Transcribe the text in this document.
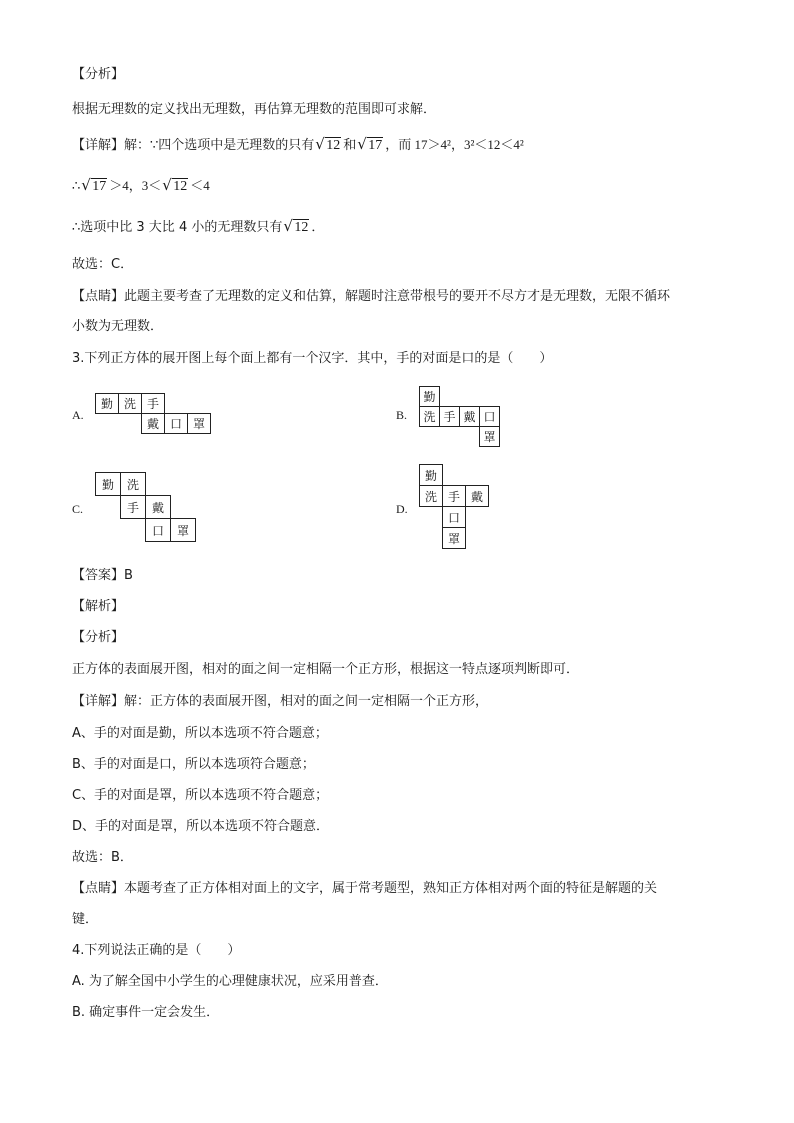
【分析】
根据无理数的定义找出无理数，再估算无理数的范围即可求解．
【详解】解：∵四个选项中是无理数的只有 √ 12 和 √ 17 ，而 17＞4²，3²＜12＜4²
∴ √ 17 ＞4，3＜ √ 12 ＜4
∴选项中比 3 大比 4 小的无理数只有 √ 12 ．
故选：C．
【点睛】此题主要考查了无理数的定义和估算，解题时注意带根号的要开不尽方才是无理数，无限不循环
小数为无理数．
3.下列正方体的展开图上每个面上都有一个汉字．其中，手的对面是口的是（　　）
A.
勤 洗 手
戴 口 罩
B.
勤
洗 手 戴 口
罩
C.
勤	洗
手	戴
口	罩
D.
勤
洗 手 戴
口
罩
【答案】B
【解析】
【分析】
正方体的表面展开图，相对的面之间一定相隔一个正方形，根据这一特点逐项判断即可．
【详解】解：正方体的表面展开图，相对的面之间一定相隔一个正方形，
A、手的对面是勤，所以本选项不符合题意；
B、手的对面是口，所以本选项符合题意；
C、手的对面是罩，所以本选项不符合题意；
D、手的对面是罩，所以本选项不符合题意．
故选：B．
【点睛】本题考查了正方体相对面上的文字，属于常考题型，熟知正方体相对两个面的特征是解题的关
键．
4.下列说法正确的是（　　）
A. 为了解全国中小学生的心理健康状况，应采用普查．
B. 确定事件一定会发生．
